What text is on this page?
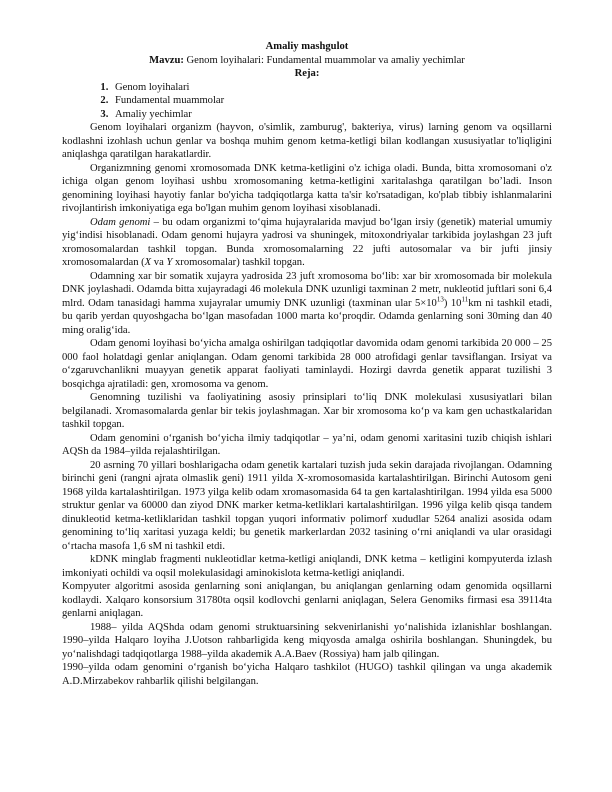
Amaliy mashgulot
Mavzu: Genom loyihalari: Fundamental muammolar va amaliy yechimlar
Reja:
1. Genom loyihalari
2. Fundamental muammolar
3. Amaliy yechimlar

Genom loyihalari organizm (hayvon, o'simlik, zamburug', bakteriya, virus) larning genom va oqsillarni kodlashni izohlash uchun genlar va boshqa muhim genom ketma-ketligi bilan kodlangan xususiyatlar to'liqligini aniqlashga qaratilgan harakatlardir.

Organizmning genomi xromosomada DNK ketma-ketligini o'z ichiga oladi. Bunda, bitta xromosomani o'z ichiga olgan genom loyihasi ushbu xromosomaning ketma-ketligini xaritalashga qaratilgan bo’ladi. Inson genomining loyihasi hayotiy fanlar bo'yicha tadqiqotlarga katta ta'sir ko'rsatadigan, ko'plab tibbiy ishlanmalarini rivojlantirish imkoniyatiga ega bo'lgan muhim genom loyihasi xisoblanadi.

Odam genomi – bu odam organizmi to‘qima hujayralarida mavjud bo‘lgan irsiy (genetik) material umumiy yig‘indisi hisoblanadi. Odam genomi hujayra yadrosi va shuningek, mitoxondriyalar tarkibida joylashgan 23 juft xromosomalardan tashkil topgan. Bunda xromosomalarning 22 jufti autosomalar va bir jufti jinsiy xromosomalardan (X va Y xromosomalar) tashkil topgan.

Odamning xar bir somatik xujayra yadrosida 23 juft xromosoma bo‘lib: xar bir xromosomada bir molekula DNK joylashadi. Odamda bitta xujayradagi 46 molekula DNK uzunligi taxminan 2 metr, nukleotid juftlari soni 6,4 mlrd. Odam tanasidagi hamma xujayralar umumiy DNK uzunligi (taxminan ular $5\times 10^{13}$) $10^{11}km$ ni tashkil etadi, bu qarib yerdan quyoshgacha bo‘lgan masofadan 1000 marta ko‘proqdir. Odamda genlarning soni 30ming dan 40 ming oralig‘ida.

Odam genomi loyihasi bo‘yicha amalga oshirilgan tadqiqotlar davomida odam genomi tarkibida 20 000 – 25 000 faol holatdagi genlar aniqlangan. Odam genomi tarkibida 28 000 atrofidagi genlar tavsiflangan. Irsiyat va o‘zgaruvchanlikni muayyan genetik apparat faoliyati taminlaydi. Hozirgi davrda genetik apparat tuzilishi 3 bosqichga ajratiladi: gen, xromosoma va genom.

Genomning tuzilishi va faoliyatining asosiy prinsiplari to‘liq DNK molekulasi xususiyatlari bilan belgilanadi. Xromasomalarda genlar bir tekis joylashmagan. Xar bir xromosoma ko‘p va kam gen uchastkalaridan tashkil topgan.

Odam genomini o‘rganish bo‘yicha ilmiy tadqiqotlar – ya’ni, odam genomi xaritasini tuzib chiqish ishlari AQSh da 1984–yilda rejalashtirilgan.

20 asrning 70 yillari boshlarigacha odam genetik kartalari tuzish juda sekin darajada rivojlangan. Odamning birinchi geni (rangni ajrata olmaslik geni) 1911 yilda X-xromosomasida kartalashtirilgan. Birinchi Autosom geni 1968 yilda kartalashtirilgan. 1973 yilga kelib odam xromasomasida 64 ta gen kartalashtirilgan. 1994 yilda esa 5000 struktur genlar va 60000 dan ziyod DNK marker ketma-ketliklari kartalashtirilgan. 1996 yilga kelib qisqa tandem dinukleotid ketma-ketliklaridan tashkil topgan yuqori informativ polimorf xududlar 5264 analizi asosida odam genomining to‘liq xaritasi yuzaga keldi; bu genetik markerlardan 2032 tasining o‘rni aniqlandi va ular orasidagi o‘rtacha masofa 1,6 sM ni tashkil etdi.

kDNK minglab fragmenti nukleotidlar ketma-ketligi aniqlandi, DNK ketma – ketligini kompyuterda izlash imkoniyati ochildi va oqsil molekulasidagi aminokislota ketma-ketligi aniqlandi.

Kompyuter algoritmi asosida genlarning soni aniqlangan, bu aniqlangan genlarning odam genomida oqsillarni kodlaydi. Xalqaro konsorsium 31780ta oqsil kodlovchi genlarni aniqlagan, Selera Genomiks firmasi esa 39114ta genlarni aniqlagan.

1988– yilda AQShda odam genomi struktuarsining sekvenirlanishi yo‘nalishida izlanishlar boshlangan. 1990–yilda Halqaro loyiha J.Uotson rahbarligida keng miqyosda amalga oshirila boshlangan. Shuningdek, bu yo‘nalishdagi tadqiqotlarga 1988–yilda akademik A.A.Baev (Rossiya) ham jalb qilingan.

1990–yilda odam genomini o‘rganish bo‘yicha Halqaro tashkilot (HUGO) tashkil qilingan va unga akademik A.D.Mirzabekov rahbarlik qilishi belgilangan.
